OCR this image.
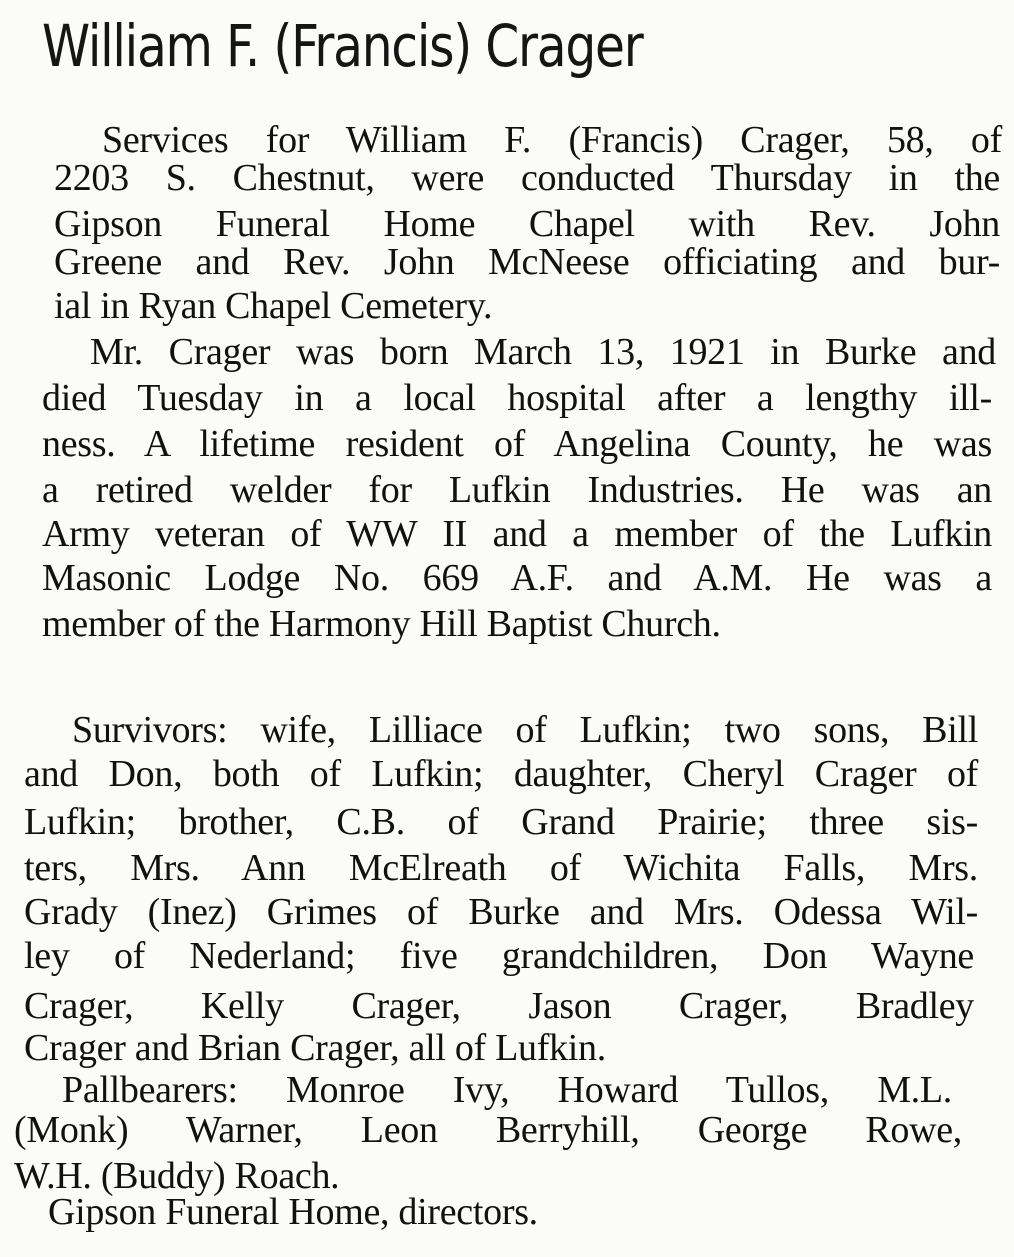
William F. (Francis) Crager
Services for William F. (Francis) Crager, 58, of
2203 S. Chestnut, were conducted Thursday in the
Gipson Funeral Home Chapel with Rev. John
Greene and Rev. John McNeese officiating and bur-
ial in Ryan Chapel Cemetery.
Mr. Crager was born March 13, 1921 in Burke and
died Tuesday in a local hospital after a lengthy ill-
ness. A lifetime resident of Angelina County, he was
a retired welder for Lufkin Industries. He was an
Army veteran of WW II and a member of the Lufkin
Masonic Lodge No. 669 A.F. and A.M. He was a
member of the Harmony Hill Baptist Church.
Survivors: wife, Lilliace of Lufkin; two sons, Bill
and Don, both of Lufkin; daughter, Cheryl Crager of
Lufkin; brother, C.B. of Grand Prairie; three sis-
ters, Mrs. Ann McElreath of Wichita Falls, Mrs.
Grady (Inez) Grimes of Burke and Mrs. Odessa Wil-
ley of Nederland; five grandchildren, Don Wayne
Crager, Kelly Crager, Jason Crager, Bradley
Crager and Brian Crager, all of Lufkin.
Pallbearers: Monroe Ivy, Howard Tullos, M.L.
(Monk) Warner, Leon Berryhill, George Rowe,
W.H. (Buddy) Roach.
Gipson Funeral Home, directors.
